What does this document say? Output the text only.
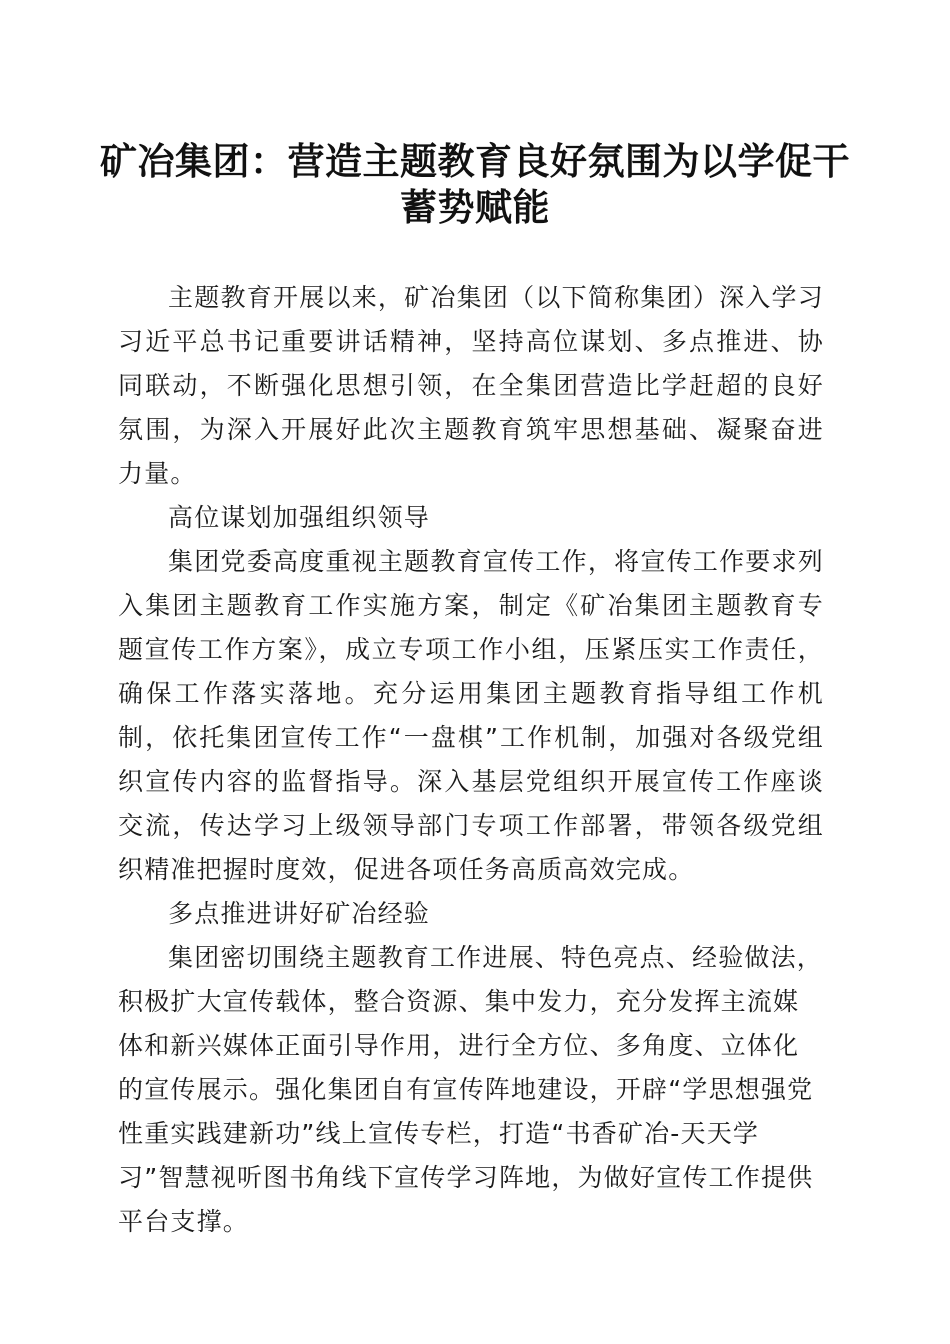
矿冶集团：营造主题教育良好氛围为以学促干
蓄势赋能

主题教育开展以来，矿冶集团（以下简称集团）深入学习习近平总书记重要讲话精神，坚持高位谋划、多点推进、协同联动，不断强化思想引领，在全集团营造比学赶超的良好氛围，为深入开展好此次主题教育筑牢思想基础、凝聚奋进力量。

高位谋划加强组织领导

集团党委高度重视主题教育宣传工作，将宣传工作要求列入集团主题教育工作实施方案，制定《矿冶集团主题教育专题宣传工作方案》，成立专项工作小组，压紧压实工作责任，确保工作落实落地。充分运用集团主题教育指导组工作机制，依托集团宣传工作“一盘棋”工作机制，加强对各级党组织宣传内容的监督指导。深入基层党组织开展宣传工作座谈交流，传达学习上级领导部门专项工作部署，带领各级党组织精准把握时度效，促进各项任务高质高效完成。

多点推进讲好矿冶经验

集团密切围绕主题教育工作进展、特色亮点、经验做法，积极扩大宣传载体，整合资源、集中发力，充分发挥主流媒体和新兴媒体正面引导作用，进行全方位、多角度、立体化的宣传展示。强化集团自有宣传阵地建设，开辟“学思想强党性重实践建新功”线上宣传专栏，打造“书香矿冶-天天学习”智慧视听图书角线下宣传学习阵地，为做好宣传工作提供平台支撑。
